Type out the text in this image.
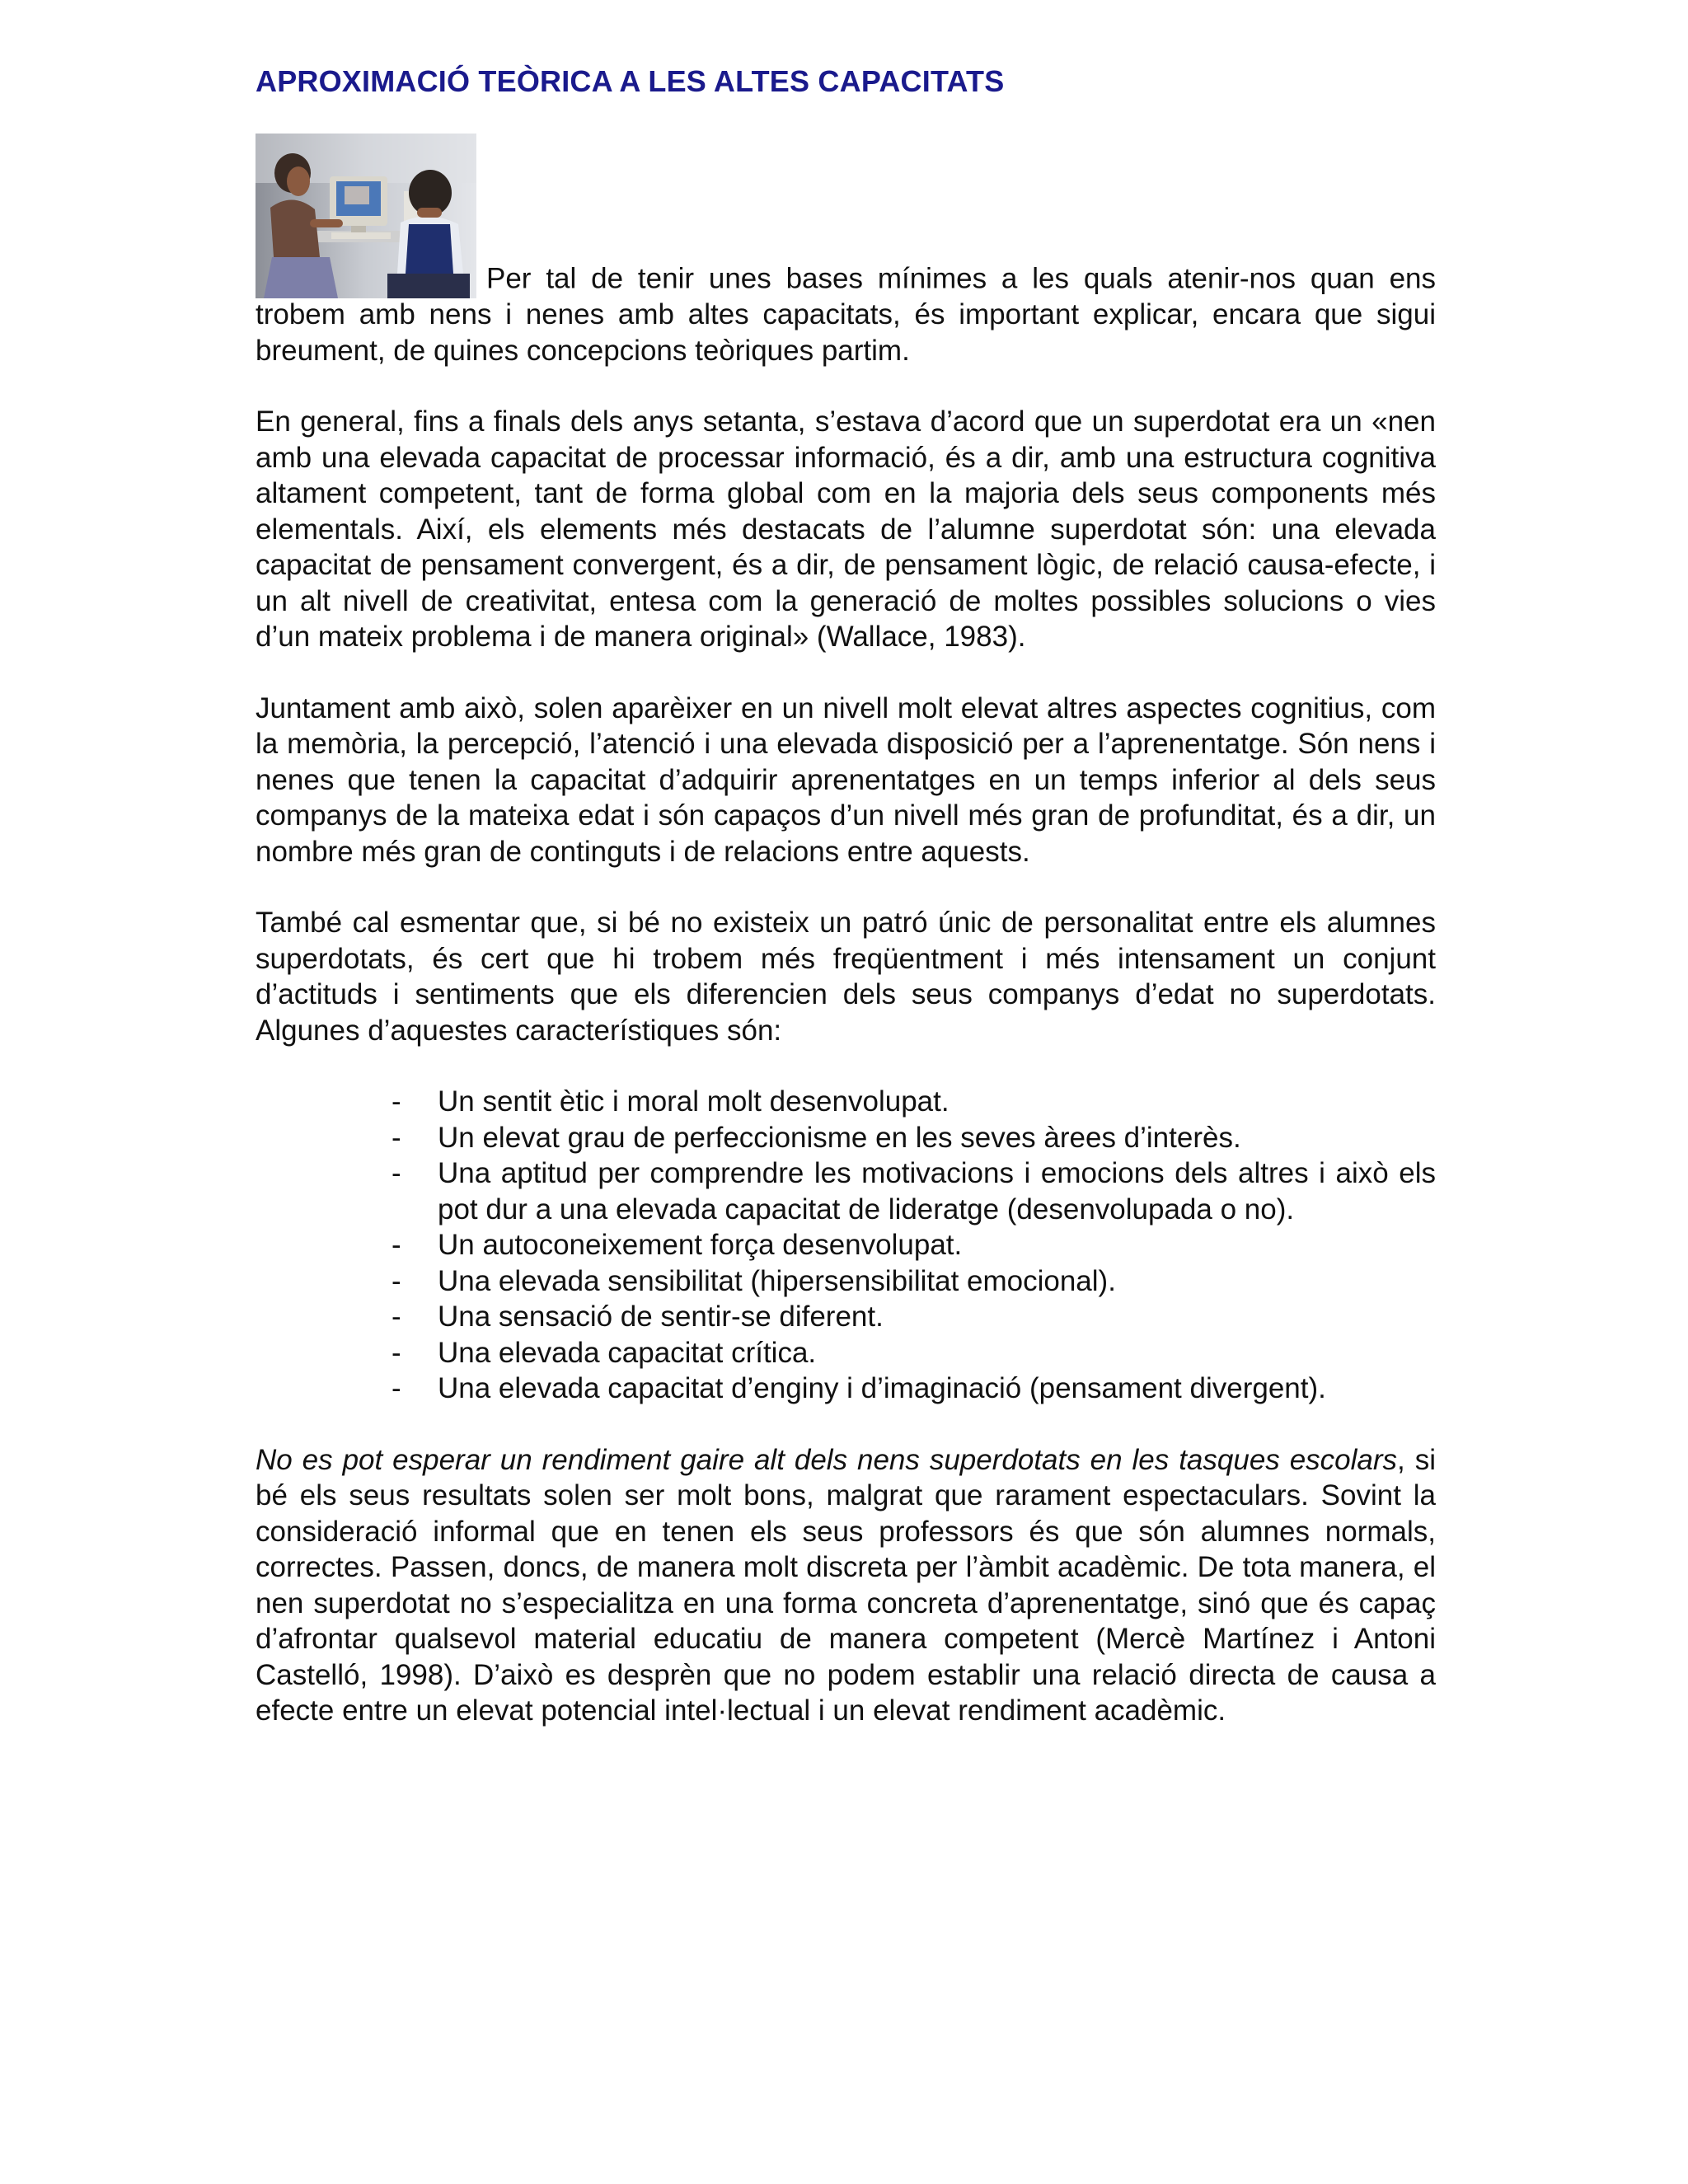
APROXIMACIÓ TEÒRICA A LES ALTES CAPACITATS

Per tal de tenir unes bases mínimes a les quals atenir-nos quan ens trobem amb nens i nenes amb altes capacitats, és important explicar, encara que sigui breument, de quines concepcions teòriques partim.

En general, fins a finals dels anys setanta, s’estava d’acord que un superdotat era un «nen amb una elevada capacitat de processar informació, és a dir, amb una estructura cognitiva altament competent, tant de forma global com en la majoria dels seus components més elementals. Així, els elements més destacats de l’alumne superdotat són: una elevada capacitat de pensament convergent, és a dir, de pensament lògic, de relació causa-efecte, i un alt nivell de creativitat, entesa com la generació de moltes possibles solucions o vies d’un mateix problema i de manera original» (Wallace, 1983).

Juntament amb això, solen aparèixer en un nivell molt elevat altres aspectes cognitius, com la memòria, la percepció, l’atenció i una elevada disposició per a l’aprenentatge. Són nens i nenes que tenen la capacitat d’adquirir aprenentatges en un temps inferior al dels seus companys de la mateixa edat i són capaços d’un nivell més gran de profunditat, és a dir, un nombre més gran de continguts i de relacions entre aquests.

També cal esmentar que, si bé no existeix un patró únic de personalitat entre els alumnes superdotats, és cert que hi trobem més freqüentment i més intensament un conjunt d’actituds i sentiments que els diferencien dels seus companys d’edat no superdotats. Algunes d’aquestes característiques són:

- Un sentit ètic i moral molt desenvolupat.
- Un elevat grau de perfeccionisme en les seves àrees d’interès.
- Una aptitud per comprendre les motivacions i emocions dels altres i això els pot dur a una elevada capacitat de lideratge (desenvolupada o no).
- Un autoconeixement força desenvolupat.
- Una elevada sensibilitat (hipersensibilitat emocional).
- Una sensació de sentir-se diferent.
- Una elevada capacitat crítica.
- Una elevada capacitat d’enginy i d’imaginació (pensament divergent).

No es pot esperar un rendiment gaire alt dels nens superdotats en les tasques escolars, si bé els seus resultats solen ser molt bons, malgrat que rarament espectaculars. Sovint la consideració informal que en tenen els seus professors és que són alumnes normals, correctes. Passen, doncs, de manera molt discreta per l’àmbit acadèmic. De tota manera, el nen superdotat no s’especialitza en una forma concreta d’aprenentatge, sinó que és capaç d’afrontar qualsevol material educatiu de manera competent (Mercè Martínez i Antoni Castelló, 1998). D’això es desprèn que no podem establir una relació directa de causa a efecte entre un elevat potencial intel·lectual i un elevat rendiment acadèmic.
